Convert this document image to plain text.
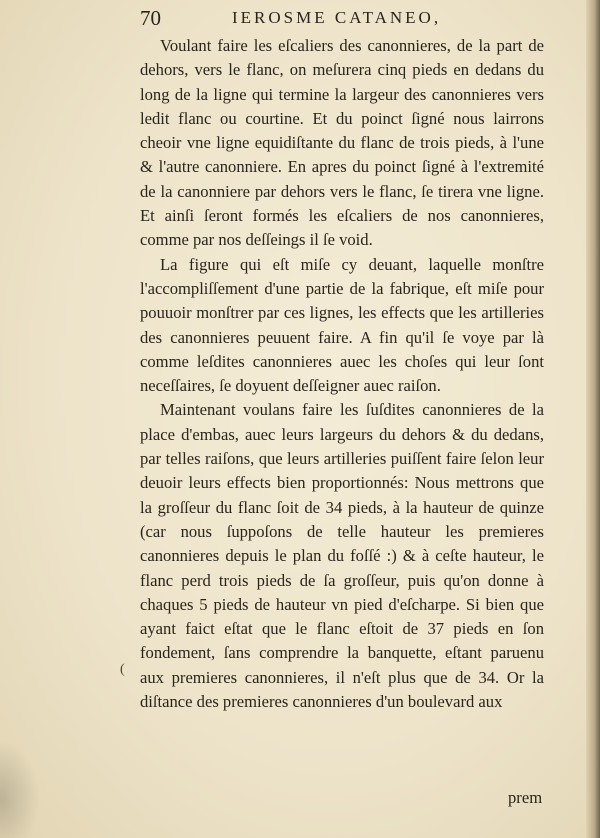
70	IEROSME CATANEO,

Voulant faire les eſcaliers des canonnieres, de la part de dehors, vers le flanc, on meſurera cinq pieds en dedans du long de la ligne qui termine la largeur des canonnieres vers ledit flanc ou courtine. Et du poinct ſigné nous lairrons cheoir vne ligne equidiſtante du flanc de trois pieds, à l'une & l'autre canonniere. En apres du poinct ſigné à l'extremité de la canonniere par dehors vers le flanc, ſe tirera vne ligne. Et ainſi ſeront formés les eſcaliers de nos canonnieres, comme par nos deſſeings il ſe void.

La figure qui eſt miſe cy deuant, laquelle monſtre l'accompliſſement d'une partie de la fabrique, eſt miſe pour pouuoir monſtrer par ces lignes, les effects que les artilleries des canonnieres peuuent faire. A fin qu'il ſe voye par là comme leſdites canonnieres auec les choſes qui leur ſont neceſſaires, ſe doyuent deſſeigner auec raiſon.

Maintenant voulans faire les ſuſdites canonnieres de la place d'embas, auec leurs largeurs du dehors & du dedans, par telles raiſons, que leurs artilleries puiſſent faire ſelon leur deuoir leurs effects bien proportionnés: Nous mettrons que la groſſeur du flanc ſoit de 34 pieds, à la hauteur de quinze (car nous ſuppoſons de telle hauteur les premieres canonnieres depuis le plan du foſſé :) & à ceſte hauteur, le flanc perd trois pieds de ſa groſſeur, puis qu'on donne à chaques 5 pieds de hauteur vn pied d'eſcharpe. Si bien que ayant faict eſtat que le flanc eſtoit de 37 pieds en ſon fondement, ſans comprendre la banquette, eſtant paruenu aux premieres canonnieres, il n'eſt plus que de 34. Or la diſtance des premieres canonnieres d'un boulevard aux

(
prem
